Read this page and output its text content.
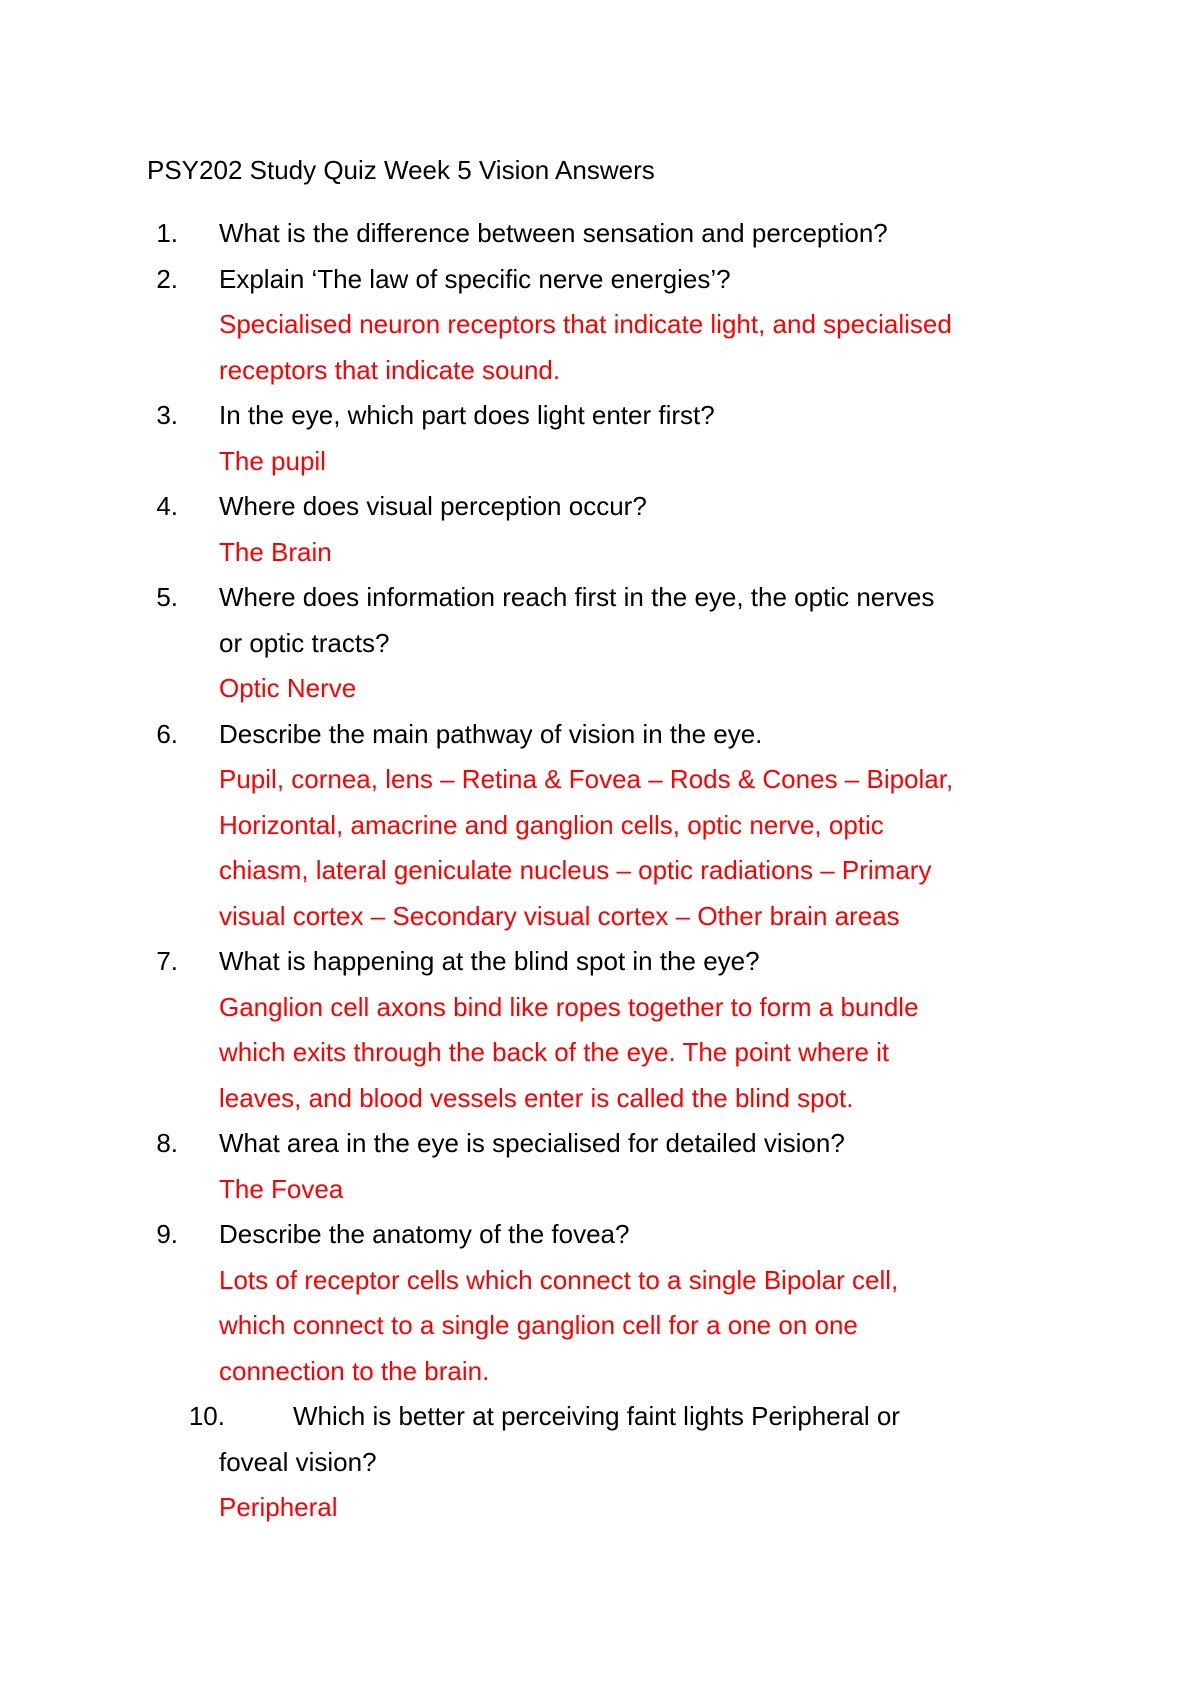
PSY202 Study Quiz Week 5 Vision Answers
1. What is the difference between sensation and perception?
2. Explain ‘The law of specific nerve energies’?
Specialised neuron receptors that indicate light, and specialised
receptors that indicate sound.
3. In the eye, which part does light enter first?
The pupil
4. Where does visual perception occur?
The Brain
5. Where does information reach first in the eye, the optic nerves
or optic tracts?
Optic Nerve
6. Describe the main pathway of vision in the eye.
Pupil, cornea, lens – Retina & Fovea – Rods & Cones – Bipolar,
Horizontal, amacrine and ganglion cells, optic nerve, optic
chiasm, lateral geniculate nucleus – optic radiations – Primary
visual cortex – Secondary visual cortex – Other brain areas
7. What is happening at the blind spot in the eye?
Ganglion cell axons bind like ropes together to form a bundle
which exits through the back of the eye. The point where it
leaves, and blood vessels enter is called the blind spot.
8. What area in the eye is specialised for detailed vision?
The Fovea
9. Describe the anatomy of the fovea?
Lots of receptor cells which connect to a single Bipolar cell,
which connect to a single ganglion cell for a one on one
connection to the brain.
10.	Which is better at perceiving faint lights Peripheral or
foveal vision?
Peripheral
